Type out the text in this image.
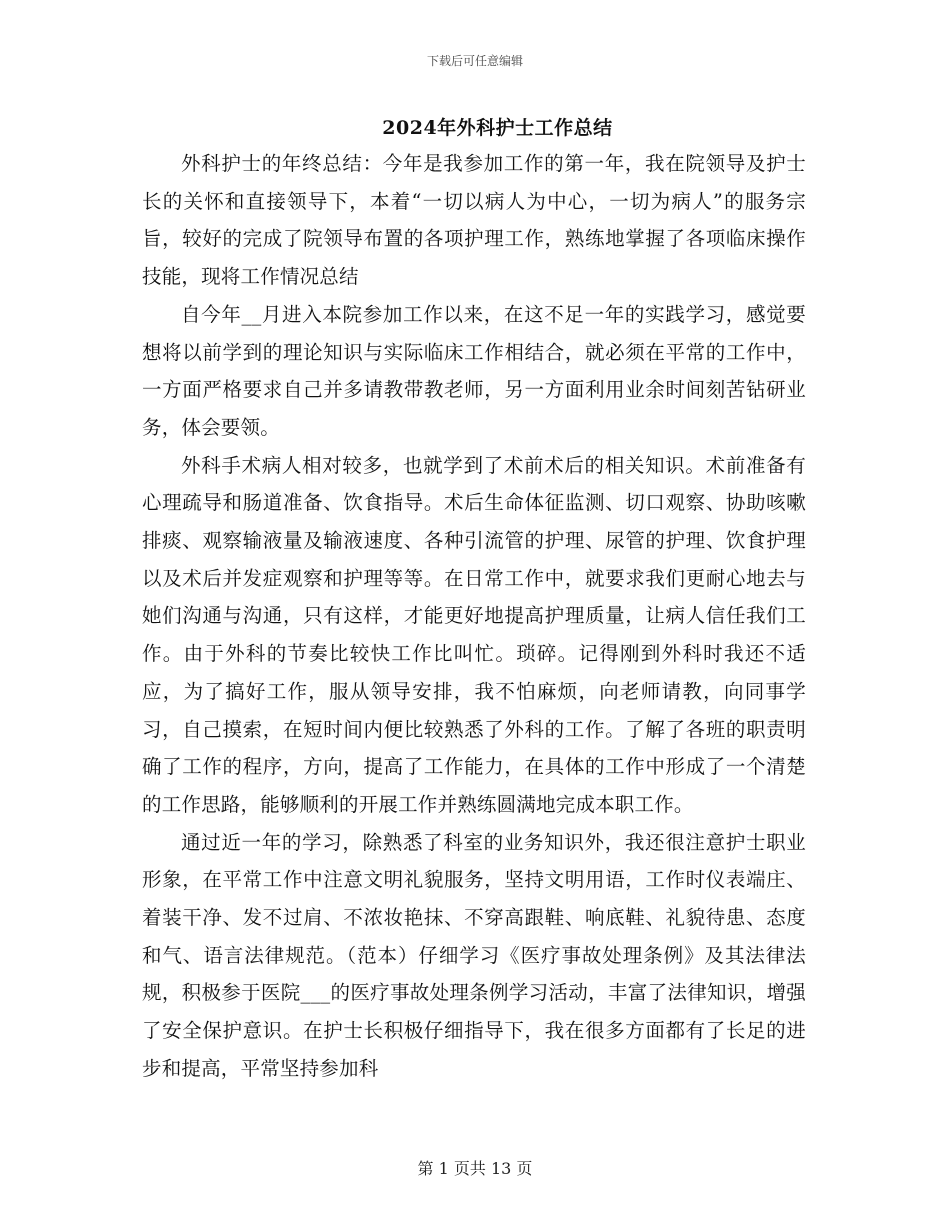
下载后可任意编辑
2024年外科护士工作总结

外科护士的年终总结：今年是我参加工作的第一年，我在院领导及护士长的关怀和直接领导下，本着“一切以病人为中心，一切为病人”的服务宗旨，较好的完成了院领导布置的各项护理工作，熟练地掌握了各项临床操作技能，现将工作情况总结

自今年__月进入本院参加工作以来，在这不足一年的实践学习，感觉要想将以前学到的理论知识与实际临床工作相结合，就必须在平常的工作中，一方面严格要求自己并多请教带教老师，另一方面利用业余时间刻苦钻研业务，体会要领。

外科手术病人相对较多，也就学到了术前术后的相关知识。术前准备有心理疏导和肠道准备、饮食指导。术后生命体征监测、切口观察、协助咳嗽排痰、观察输液量及输液速度、各种引流管的护理、尿管的护理、饮食护理以及术后并发症观察和护理等等。在日常工作中，就要求我们更耐心地去与她们沟通与沟通，只有这样，才能更好地提高护理质量，让病人信任我们工作。由于外科的节奏比较快工作比叫忙。琐碎。记得刚到外科时我还不适应，为了搞好工作，服从领导安排，我不怕麻烦，向老师请教，向同事学习，自己摸索，在短时间内便比较熟悉了外科的工作。了解了各班的职责明确了工作的程序，方向，提高了工作能力，在具体的工作中形成了一个清楚的工作思路，能够顺利的开展工作并熟练圆满地完成本职工作。

通过近一年的学习，除熟悉了科室的业务知识外，我还很注意护士职业形象，在平常工作中注意文明礼貌服务，坚持文明用语，工作时仪表端庄、着装干净、发不过肩、不浓妆艳抹、不穿高跟鞋、响底鞋、礼貌待患、态度和气、语言法律规范。（范本）仔细学习《医疗事故处理条例》及其法律法规，积极参于医院___的医疗事故处理条例学习活动，丰富了法律知识，增强了安全保护意识。在护士长积极仔细指导下，我在很多方面都有了长足的进步和提高，平常坚持参加科

第 1 页共 13 页
